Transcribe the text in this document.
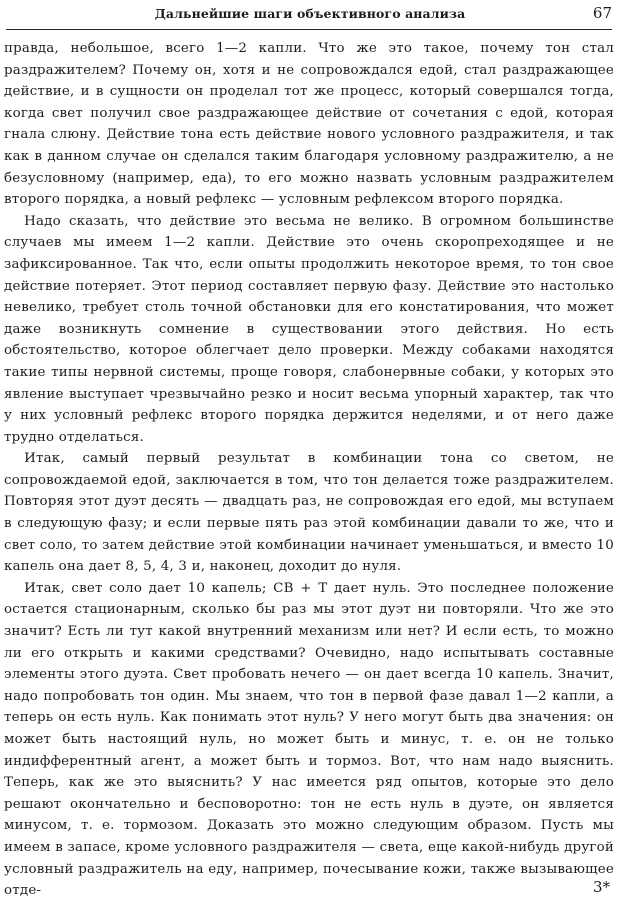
Дальнейшие шаги объективного анализа	67

правда, небольшое, всего 1—2 капли. Что же это такое, почему тон стал раздражителем? Почему он, хотя и не сопровождался едой, стал раздражающее действие, и в сущности он проделал тот же процесс, который совершался тогда, когда свет получил свое раздражающее действие от сочетания с едой, которая гнала слюну. Действие тона есть действие нового условного раздражителя, и так как в данном случае он сделался таким благодаря условному раздражителю, а не безусловному (например, еда), то его можно назвать условным раздражителем второго порядка, а новый рефлекс — условным рефлексом второго порядка.

Надо сказать, что действие это весьма не велико. В огромном большинстве случаев мы имеем 1—2 капли. Действие это очень скоропреходящее и не зафиксированное. Так что, если опыты продолжить некоторое время, то тон свое действие потеряет. Этот период составляет первую фазу. Действие это настолько невелико, требует столь точной обстановки для его констатирования, что может даже возникнуть сомнение в существовании этого действия. Но есть обстоятельство, которое облегчает дело проверки. Между собаками находятся такие типы нервной системы, проще говоря, слабонервные собаки, у которых это явление выступает чрезвычайно резко и носит весьма упорный характер, так что у них условный рефлекс второго порядка держится неделями, и от него даже трудно отделаться.

Итак, самый первый результат в комбинации тона со светом, не сопровождаемой едой, заключается в том, что тон делается тоже раздражителем. Повторяя этот дуэт десять — двадцать раз, не сопровождая его едой, мы вступаем в следующую фазу; и если первые пять раз этой комбинации давали то же, что и свет соло, то затем действие этой комбинации начинает уменьшаться, и вместо 10 капель она дает 8, 5, 4, 3 и, наконец, доходит до нуля.

Итак, свет соло дает 10 капель; СВ + Т дает нуль. Это последнее положение остается стационарным, сколько бы раз мы этот дуэт ни повторяли. Что же это значит? Есть ли тут какой внутренний механизм или нет? И если есть, то можно ли его открыть и какими средствами? Очевидно, надо испытывать составные элементы этого дуэта. Свет пробовать нечего — он дает всегда 10 капель. Значит, надо попробовать тон один. Мы знаем, что тон в первой фазе давал 1—2 капли, а теперь он есть нуль. Как понимать этот нуль? У него могут быть два значения: он может быть настоящий нуль, но может быть и минус, т. е. он не только индифферентный агент, а может быть и тормоз. Вот, что нам надо выяснить. Теперь, как же это выяснить? У нас имеется ряд опытов, которые это дело решают окончательно и бесповоротно: тон не есть нуль в дуэте, он является минусом, т. е. тормозом. Доказать это можно следующим образом. Пусть мы имеем в запасе, кроме условного раздражителя — света, еще какой-нибудь другой условный раздражитель на еду, например, почесывание кожи, также вызывающее отде-	3*
